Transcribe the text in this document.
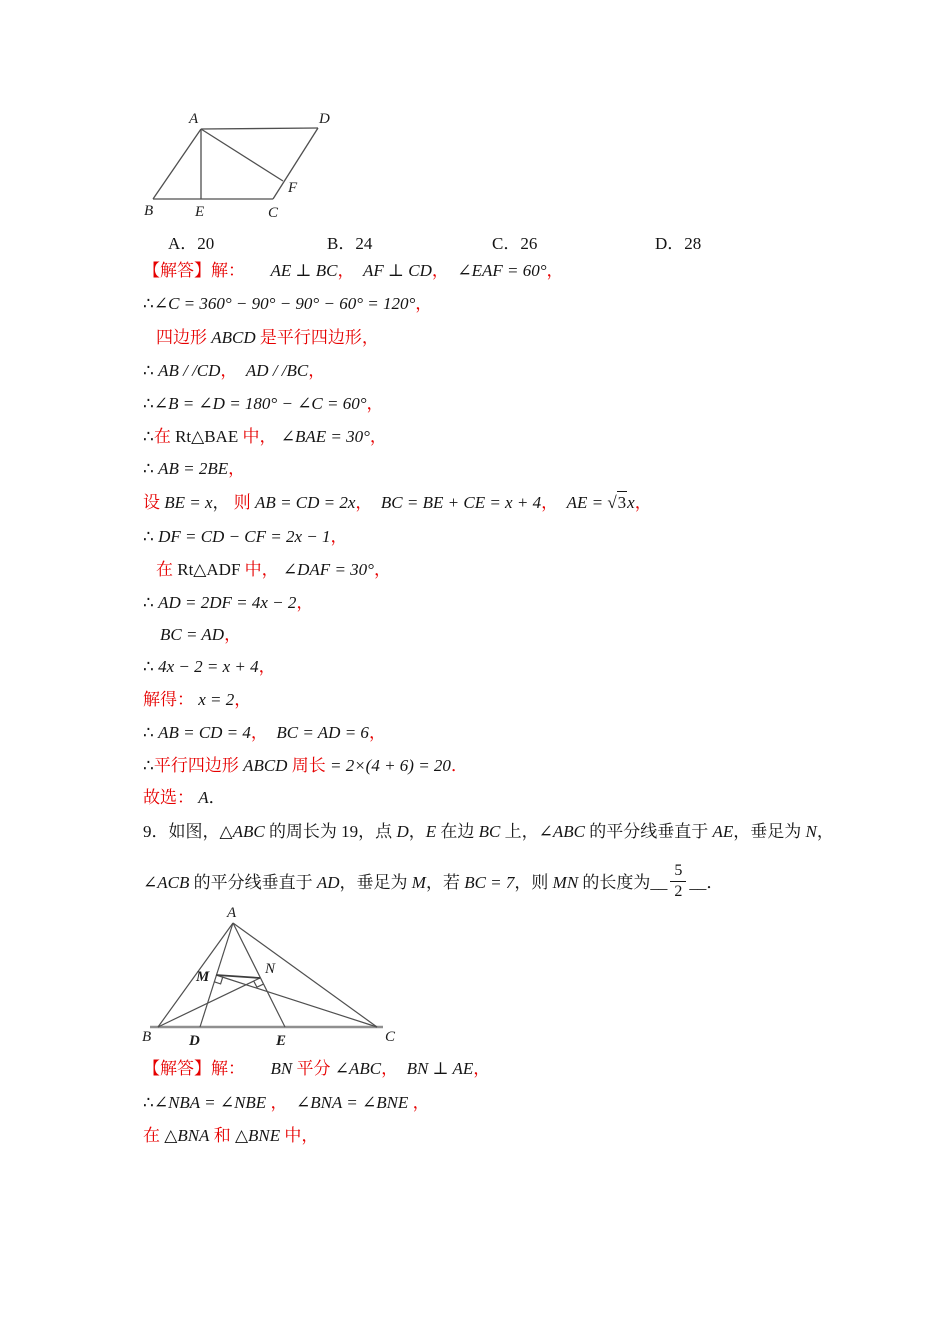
A	D
B	E	C
F
A．20	B．24	C．26	D．28
【解答】解： AE ⊥ BC，  AF ⊥ CD，  ∠EAF = 60°，
∴∠C = 360° − 90° − 90° − 60° = 120°，
四边形 ABCD 是平行四边形，
∴ AB / /CD，  AD / /BC，
∴∠B = ∠D = 180° − ∠C = 60°，
∴在 Rt△BAE 中， ∠BAE = 30°，
∴ AB = 2BE，
设 BE = x， 则 AB = CD = 2x，  BC = BE + CE = x + 4，  AE = √ 3 x，
∴ DF = CD − CF = 2x − 1，
在 Rt△ADF 中， ∠DAF = 30°，
∴ AD = 2DF = 4x − 2，
BC = AD，
∴ 4x − 2 = x + 4，
解得： x = 2，
∴ AB = CD = 4，  BC = AD = 6，
∴平行四边形 ABCD 周长 = 2×(4 + 6) = 20．
故选： A．
9．如图，△ABC 的周长为 19，点 D，E 在边 BC 上，∠ABC 的平分线垂直于 AE，垂足为 N，
∠ACB 的平分线垂直于 AD，垂足为 M，若 BC = 7，则 MN 的长度为__ $\frac{5}{2}$ __．
A
B	C
D	E
M	N
【解答】解： BN 平分 ∠ABC，  BN ⊥ AE，
∴∠NBA = ∠NBE ，  ∠BNA = ∠BNE ，
在 △BNA 和 △BNE 中，
